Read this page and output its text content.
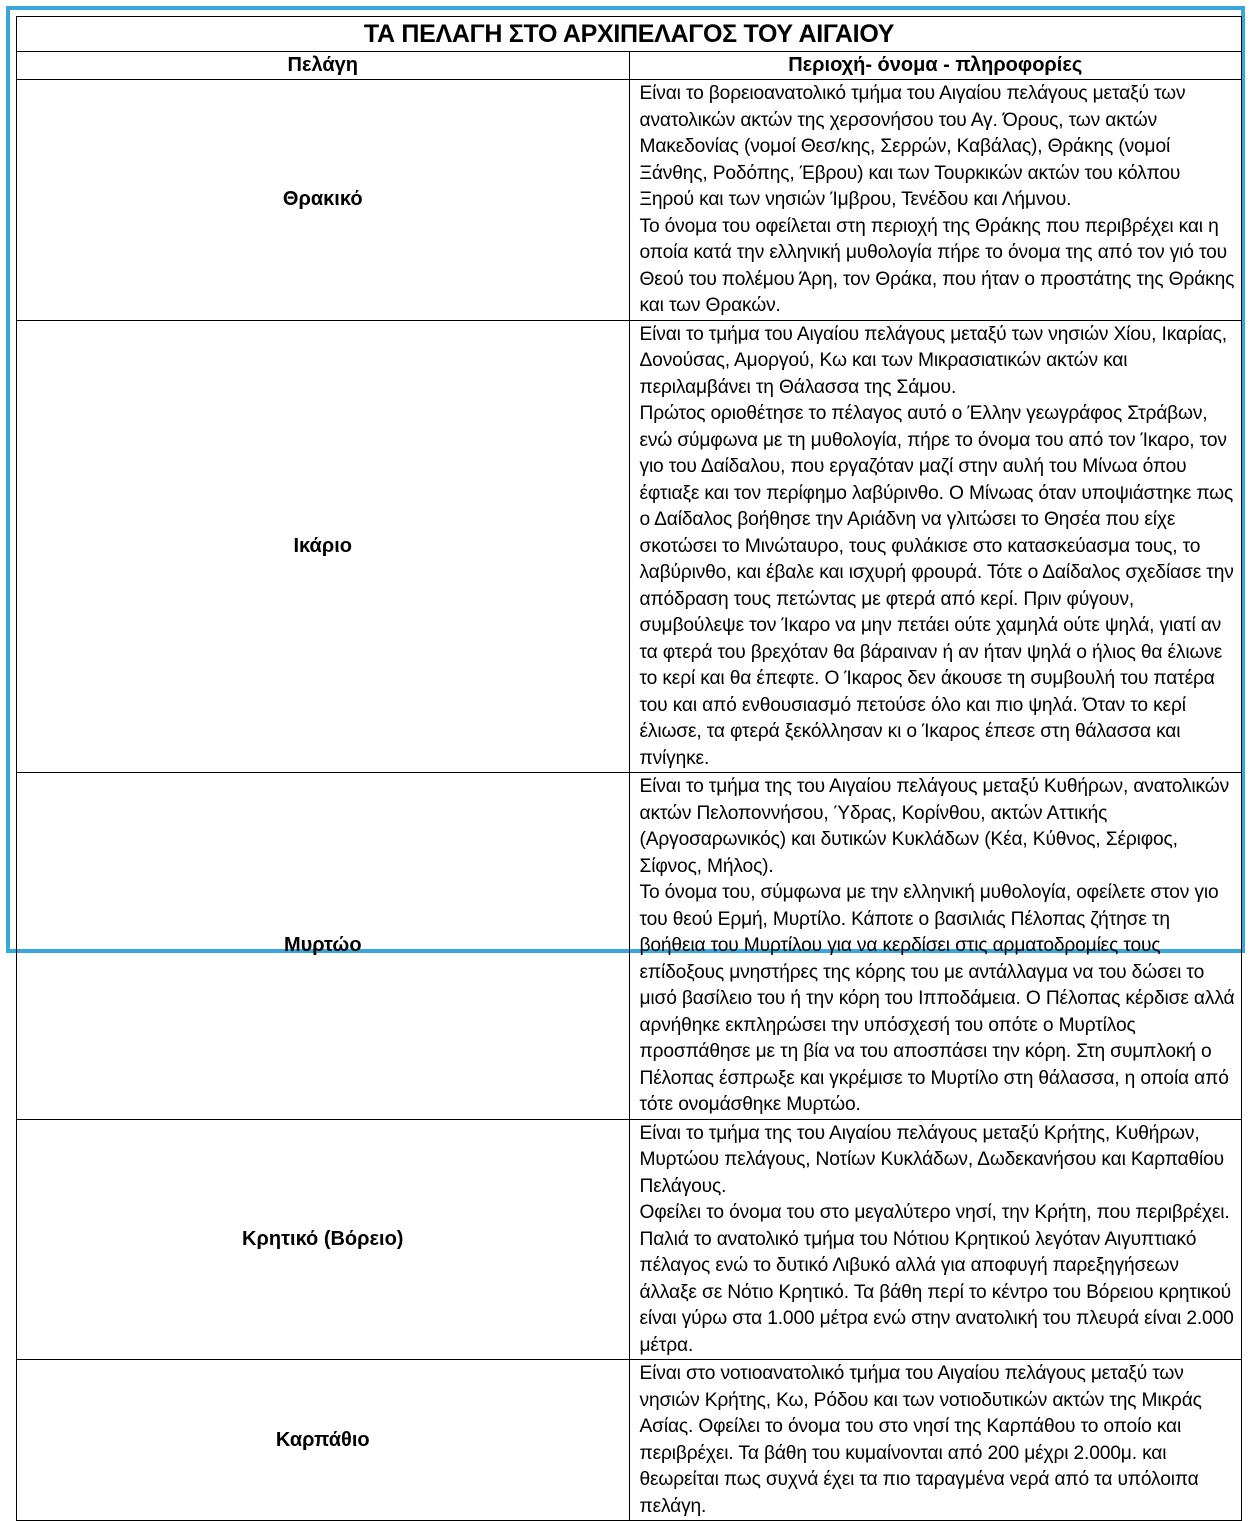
ΤΑ ΠΕΛΑΓΗ ΣΤΟ ΑΡΧΙΠΕΛΑΓΟΣ ΤΟΥ ΑΙΓΑΙΟΥ	
Πελάγη	Περιοχή- όνομα - πληροφορίες
Θρακικό	Είναι το βορειοανατολικό τμήμα του Αιγαίου πελάγους μεταξύ των ανατολικών ακτών της χερσονήσου του Αγ. Όρους, των ακτών Μακεδονίας (νομοί Θεσ/κης, Σερρών, Καβάλας), Θράκης (νομοί Ξάνθης, Ροδόπης, Έβρου) και των Τουρκικών ακτών του κόλπου Ξηρού και των νησιών Ίμβρου, Τενέδου και Λήμνου.

Το όνομα του οφείλεται στη περιοχή της Θράκης που περιβρέχει και η οποία κατά την ελληνική μυθολογία πήρε το όνομα της από τον γιό του Θεού του πολέμου Άρη, τον Θράκα, που ήταν ο προστάτης της Θράκης και των Θρακών.

Ικάριο	Είναι το τμήμα του Αιγαίου πελάγους μεταξύ των νησιών Χίου, Ικαρίας, Δονούσας, Αμοργού, Κω και των Μικρασιατικών ακτών και περιλαμβάνει τη Θάλασσα της Σάμου.

Πρώτος οριοθέτησε το πέλαγος αυτό ο Έλλην γεωγράφος Στράβων, ενώ σύμφωνα με τη μυθολογία, πήρε το όνομα του από τον Ίκαρο, τον γιο του Δαίδαλου, που εργαζόταν μαζί στην αυλή του Μίνωα όπου έφτιαξε και τον περίφημο λαβύρινθο. Ο Μίνωας όταν υποψιάστηκε πως ο Δαίδαλος βοήθησε την Αριάδνη να γλιτώσει το Θησέα που είχε σκοτώσει το Μινώταυρο, τους φυλάκισε στο κατασκεύασμα τους, το λαβύρινθο, και έβαλε και ισχυρή φρουρά. Τότε ο Δαίδαλος σχεδίασε την απόδραση τους πετώντας με φτερά από κερί. Πριν φύγουν, συμβούλεψε τον Ίκαρο να μην πετάει ούτε χαμηλά ούτε ψηλά, γιατί αν τα φτερά του βρεχόταν θα βάραιναν ή αν ήταν ψηλά ο ήλιος θα έλιωνε το κερί και θα έπεφτε. Ο Ίκαρος δεν άκουσε τη συμβουλή του πατέρα του και από ενθουσιασμό πετούσε όλο και πιο ψηλά. Όταν το κερί έλιωσε, τα φτερά ξεκόλλησαν κι ο Ίκαρος έπεσε στη θάλασσα και πνίγηκε.

Μυρτώο	Είναι το τμήμα της του Αιγαίου πελάγους μεταξύ Κυθήρων, ανατολικών ακτών Πελοποννήσου, Ύδρας, Κορίνθου, ακτών Αττικής (Αργοσαρωνικός) και δυτικών Κυκλάδων (Κέα, Κύθνος, Σέριφος, Σίφνος, Μήλος).

Το όνομα του, σύμφωνα με την ελληνική μυθολογία, οφείλετε στον γιο του θεού Ερμή, Μυρτίλο. Κάποτε ο βασιλιάς Πέλοπας ζήτησε τη βοήθεια του Μυρτίλου για να κερδίσει στις αρματοδρομίες τους επίδοξους μνηστήρες της κόρης του με αντάλλαγμα να του δώσει το μισό βασίλειο του ή την κόρη του Ιπποδάμεια. Ο Πέλοπας κέρδισε αλλά αρνήθηκε εκπληρώσει την υπόσχεσή του οπότε ο Μυρτίλος προσπάθησε με τη βία να του αποσπάσει την κόρη. Στη συμπλοκή ο Πέλοπας έσπρωξε και γκρέμισε το Μυρτίλο στη θάλασσα, η οποία από τότε ονομάσθηκε Μυρτώο.

Κρητικό (Βόρειο)	Είναι το τμήμα της του Αιγαίου πελάγους μεταξύ Κρήτης, Κυθήρων, Μυρτώου πελάγους, Νοτίων Κυκλάδων, Δωδεκανήσου και Καρπαθίου Πελάγους.

Οφείλει το όνομα του στο μεγαλύτερο νησί, την Κρήτη, που περιβρέχει. Παλιά το ανατολικό τμήμα του Νότιου Κρητικού λεγόταν Αιγυπτιακό πέλαγος ενώ το δυτικό Λιβυκό αλλά για αποφυγή παρεξηγήσεων άλλαξε σε Νότιο Κρητικό. Τα βάθη περί το κέντρο του Βόρειου κρητικού είναι γύρω στα 1.000 μέτρα ενώ στην ανατολική του πλευρά είναι 2.000 μέτρα.

Καρπάθιο	Είναι στο νοτιοανατολικό τμήμα του Αιγαίου πελάγους μεταξύ των νησιών Κρήτης, Κω, Ρόδου και των νοτιοδυτικών ακτών της Μικράς Ασίας. Οφείλει το όνομα του στο νησί της Καρπάθου το οποίο και περιβρέχει. Τα βάθη του κυμαίνονται από 200 μέχρι 2.000μ. και θεωρείται πως συχνά έχει τα πιο ταραγμένα νερά από τα υπόλοιπα πελάγη.
